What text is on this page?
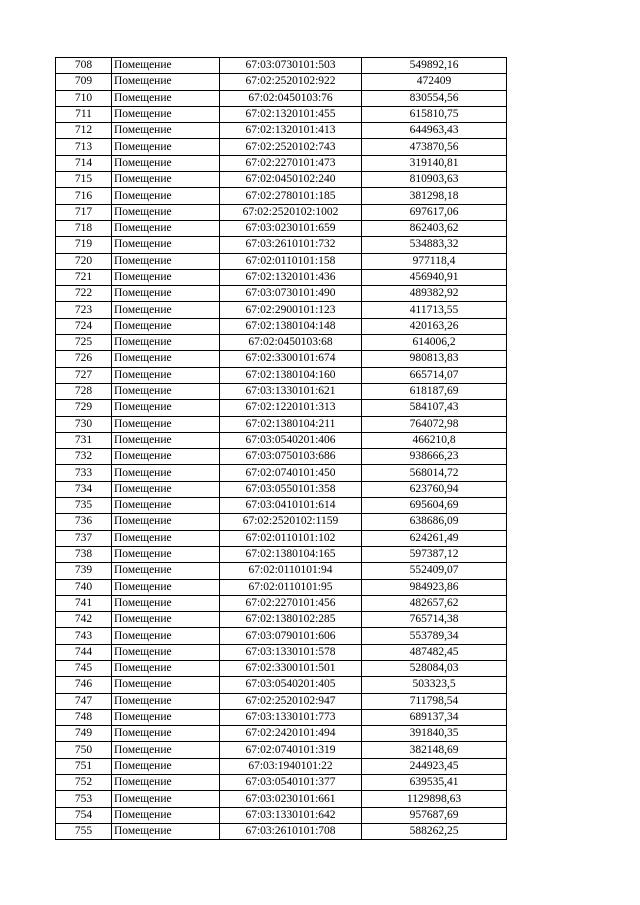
708	Помещение	67:03:0730101:503	549892,16
709	Помещение	67:02:2520102:922	472409
710	Помещение	67:02:0450103:76	830554,56
711	Помещение	67:02:1320101:455	615810,75
712	Помещение	67:02:1320101:413	644963,43
713	Помещение	67:02:2520102:743	473870,56
714	Помещение	67:02:2270101:473	319140,81
715	Помещение	67:02:0450102:240	810903,63
716	Помещение	67:02:2780101:185	381298,18
717	Помещение	67:02:2520102:1002	697617,06
718	Помещение	67:03:0230101:659	862403,62
719	Помещение	67:03:2610101:732	534883,32
720	Помещение	67:02:0110101:158	977118,4
721	Помещение	67:02:1320101:436	456940,91
722	Помещение	67:03:0730101:490	489382,92
723	Помещение	67:02:2900101:123	411713,55
724	Помещение	67:02:1380104:148	420163,26
725	Помещение	67:02:0450103:68	614006,2
726	Помещение	67:02:3300101:674	980813,83
727	Помещение	67:02:1380104:160	665714,07
728	Помещение	67:03:1330101:621	618187,69
729	Помещение	67:02:1220101:313	584107,43
730	Помещение	67:02:1380104:211	764072,98
731	Помещение	67:03:0540201:406	466210,8
732	Помещение	67:03:0750103:686	938666,23
733	Помещение	67:02:0740101:450	568014,72
734	Помещение	67:03:0550101:358	623760,94
735	Помещение	67:03:0410101:614	695604,69
736	Помещение	67:02:2520102:1159	638686,09
737	Помещение	67:02:0110101:102	624261,49
738	Помещение	67:02:1380104:165	597387,12
739	Помещение	67:02:0110101:94	552409,07
740	Помещение	67:02:0110101:95	984923,86
741	Помещение	67:02:2270101:456	482657,62
742	Помещение	67:02:1380102:285	765714,38
743	Помещение	67:03:0790101:606	553789,34
744	Помещение	67:03:1330101:578	487482,45
745	Помещение	67:02:3300101:501	528084,03
746	Помещение	67:03:0540201:405	503323,5
747	Помещение	67:02:2520102:947	711798,54
748	Помещение	67:03:1330101:773	689137,34
749	Помещение	67:02:2420101:494	391840,35
750	Помещение	67:02:0740101:319	382148,69
751	Помещение	67:03:1940101:22	244923,45
752	Помещение	67:03:0540101:377	639535,41
753	Помещение	67:03:0230101:661	1129898,63
754	Помещение	67:03:1330101:642	957687,69
755	Помещение	67:03:2610101:708	588262,25
